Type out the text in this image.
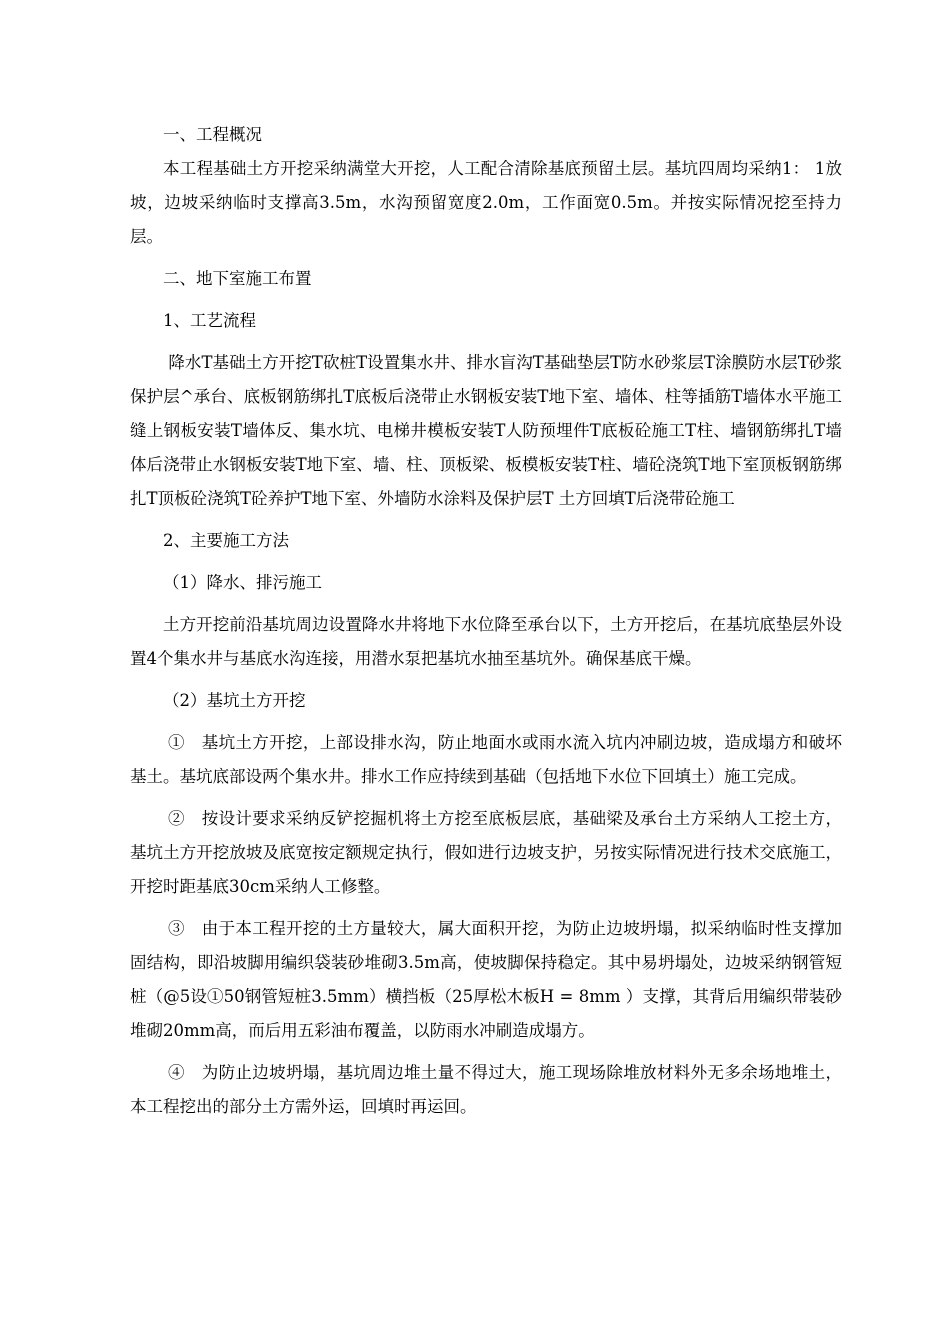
一、工程概况

本工程基础土方开挖采纳满堂大开挖，人工配合清除基底预留土层。基坑四周均采纳1： 1放坡，边坡采纳临时支撑高3.5m，水沟预留宽度2.0m，工作面宽0.5m。并按实际情况挖至持力层。

二、地下室施工布置

1、工艺流程

降水T基础土方开挖T砍桩T设置集水井、排水盲沟T基础垫层T防水砂浆层T涂膜防水层T砂浆保护层^承台、底板钢筋绑扎T底板后浇带止水钢板安装T地下室、墙体、柱等插筋T墙体水平施工缝上钢板安装T墙体反、集水坑、电梯井模板安装T人防预埋件T底板砼施工T柱、墙钢筋绑扎T墙体后浇带止水钢板安装T地下室、墙、柱、顶板梁、板模板安装T柱、墙砼浇筑T地下室顶板钢筋绑扎T顶板砼浇筑T砼养护T地下室、外墙防水涂料及保护层T 土方回填T后浇带砼施工

2、主要施工方法

（1）降水、排污施工

土方开挖前沿基坑周边设置降水井将地下水位降至承台以下，土方开挖后，在基坑底垫层外设置4个集水井与基底水沟连接，用潜水泵把基坑水抽至基坑外。确保基底干燥。

（2）基坑土方开挖

①　基坑土方开挖，上部设排水沟，防止地面水或雨水流入坑内冲刷边坡，造成塌方和破坏基土。基坑底部设两个集水井。排水工作应持续到基础（包括地下水位下回填土）施工完成。

②　按设计要求采纳反铲挖掘机将土方挖至底板层底，基础梁及承台土方采纳人工挖土方，基坑土方开挖放坡及底宽按定额规定执行，假如进行边坡支护，另按实际情况进行技术交底施工，开挖时距基底30cm采纳人工修整。

③　由于本工程开挖的土方量较大，属大面积开挖，为防止边坡坍塌，拟采纳临时性支撑加固结构，即沿坡脚用编织袋装砂堆砌3.5m高，使坡脚保持稳定。其中易坍塌处，边坡采纳钢管短桩（@5设①50钢管短桩3.5mm）横挡板（25厚松木板H = 8mm ）支撑，其背后用编织带装砂堆砌20mm高，而后用五彩油布覆盖，以防雨水冲刷造成塌方。

④　为防止边坡坍塌，基坑周边堆土量不得过大，施工现场除堆放材料外无多余场地堆土，本工程挖出的部分土方需外运，回填时再运回。
